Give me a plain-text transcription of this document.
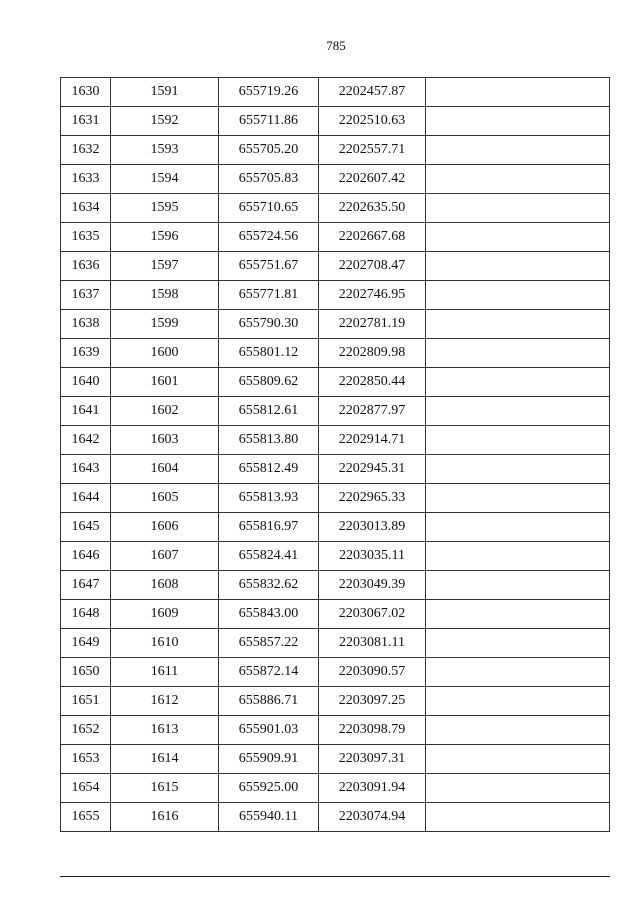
785
1630	1591	655719.26	2202457.87	
1631	1592	655711.86	2202510.63	
1632	1593	655705.20	2202557.71	
1633	1594	655705.83	2202607.42	
1634	1595	655710.65	2202635.50	
1635	1596	655724.56	2202667.68	
1636	1597	655751.67	2202708.47	
1637	1598	655771.81	2202746.95	
1638	1599	655790.30	2202781.19	
1639	1600	655801.12	2202809.98	
1640	1601	655809.62	2202850.44	
1641	1602	655812.61	2202877.97	
1642	1603	655813.80	2202914.71	
1643	1604	655812.49	2202945.31	
1644	1605	655813.93	2202965.33	
1645	1606	655816.97	2203013.89	
1646	1607	655824.41	2203035.11	
1647	1608	655832.62	2203049.39	
1648	1609	655843.00	2203067.02	
1649	1610	655857.22	2203081.11	
1650	1611	655872.14	2203090.57	
1651	1612	655886.71	2203097.25	
1652	1613	655901.03	2203098.79	
1653	1614	655909.91	2203097.31	
1654	1615	655925.00	2203091.94	
1655	1616	655940.11	2203074.94	
